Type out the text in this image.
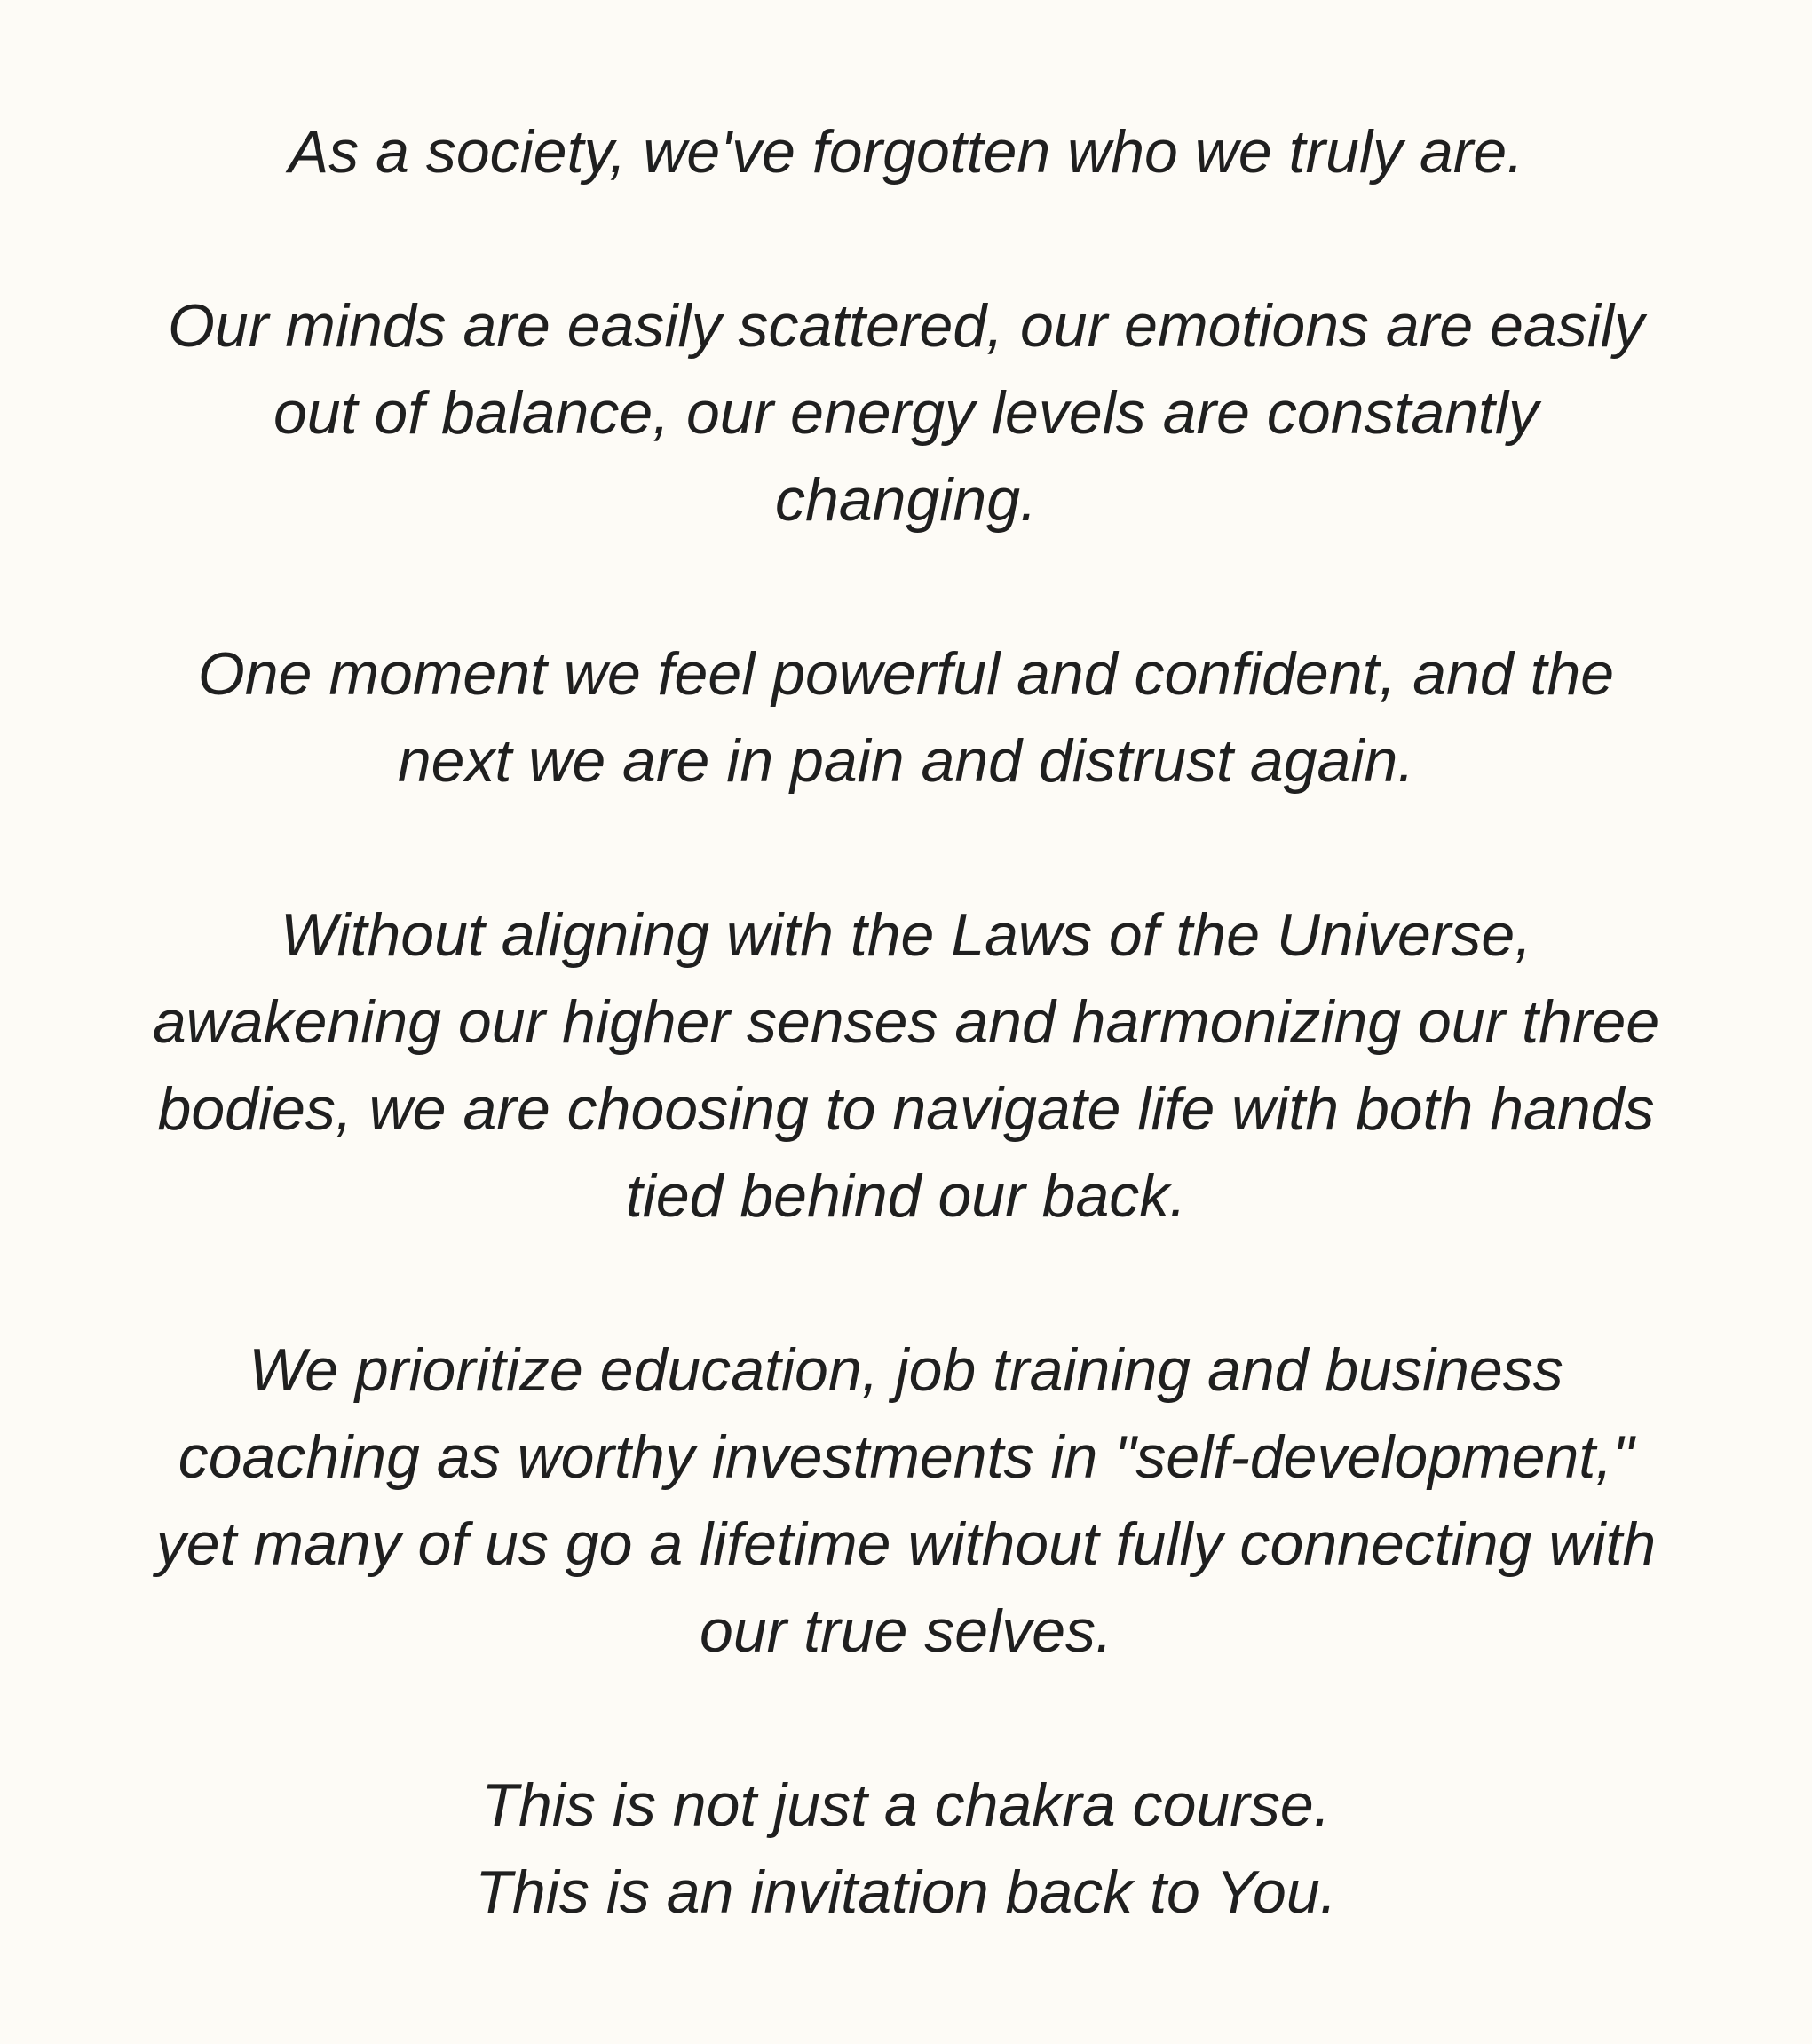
As a society, we've forgotten who we truly are.

Our minds are easily scattered, our emotions are easily
out of balance, our energy levels are constantly
changing.

One moment we feel powerful and confident, and the
next we are in pain and distrust again.

Without aligning with the Laws of the Universe,
awakening our higher senses and harmonizing our three
bodies, we are choosing to navigate life with both hands
tied behind our back.

We prioritize education, job training and business
coaching as worthy investments in "self-development,"
yet many of us go a lifetime without fully connecting with
our true selves.

This is not just a chakra course.
This is an invitation back to You.
